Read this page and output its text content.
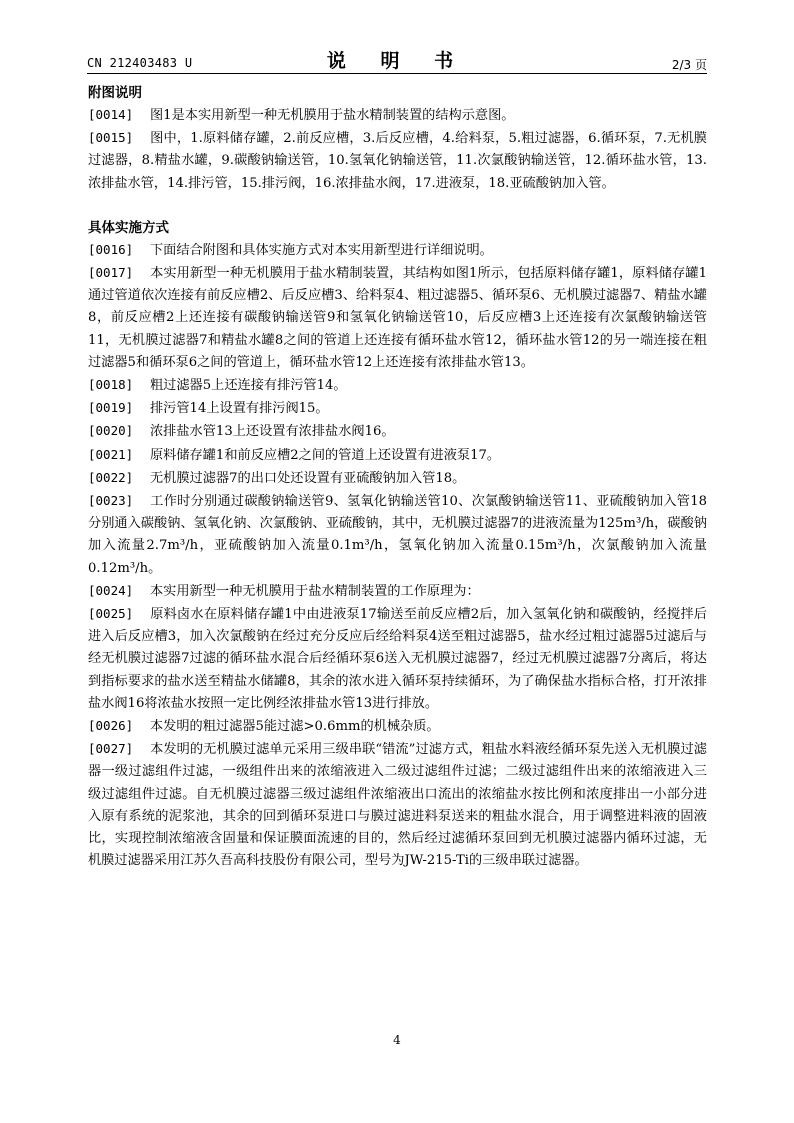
CN 212403483 U	说 明 书	2/3 页
附图说明

[0014] 图1是本实用新型一种无机膜用于盐水精制装置的结构示意图。

[0015] 图中，1.原料储存罐，2.前反应槽，3.后反应槽，4.给料泵，5.粗过滤器，6.循环泵，7.无机膜过滤器，8.精盐水罐，9.碳酸钠输送管，10.氢氧化钠输送管，11.次氯酸钠输送管，12.循环盐水管，13.浓排盐水管，14.排污管，15.排污阀，16.浓排盐水阀，17.进液泵，18.亚硫酸钠加入管。

具体实施方式

[0016] 下面结合附图和具体实施方式对本实用新型进行详细说明。

[0017] 本实用新型一种无机膜用于盐水精制装置，其结构如图1所示，包括原料储存罐1，原料储存罐1通过管道依次连接有前反应槽2、后反应槽3、给料泵4、粗过滤器5、循环泵6、无机膜过滤器7、精盐水罐8，前反应槽2上还连接有碳酸钠输送管9和氢氧化钠输送管10，后反应槽3上还连接有次氯酸钠输送管11，无机膜过滤器7和精盐水罐8之间的管道上还连接有循环盐水管12，循环盐水管12的另一端连接在粗过滤器5和循环泵6之间的管道上，循环盐水管12上还连接有浓排盐水管13。

[0018] 粗过滤器5上还连接有排污管14。

[0019] 排污管14上设置有排污阀15。

[0020] 浓排盐水管13上还设置有浓排盐水阀16。

[0021] 原料储存罐1和前反应槽2之间的管道上还设置有进液泵17。

[0022] 无机膜过滤器7的出口处还设置有亚硫酸钠加入管18。

[0023] 工作时分别通过碳酸钠输送管9、氢氧化钠输送管10、次氯酸钠输送管11、亚硫酸钠加入管18分别通入碳酸钠、氢氧化钠、次氯酸钠、亚硫酸钠，其中，无机膜过滤器7的进液流量为125m³/h，碳酸钠加入流量2.7m³/h，亚硫酸钠加入流量0.1m³/h，氢氧化钠加入流量0.15m³/h，次氯酸钠加入流量0.12m³/h。

[0024] 本实用新型一种无机膜用于盐水精制装置的工作原理为：

[0025] 原料卤水在原料储存罐1中由进液泵17输送至前反应槽2后，加入氢氧化钠和碳酸钠，经搅拌后进入后反应槽3，加入次氯酸钠在经过充分反应后经给料泵4送至粗过滤器5，盐水经过粗过滤器5过滤后与经无机膜过滤器7过滤的循环盐水混合后经循环泵6送入无机膜过滤器7，经过无机膜过滤器7分离后，将达到指标要求的盐水送至精盐水储罐8，其余的浓水进入循环泵持续循环，为了确保盐水指标合格，打开浓排盐水阀16将浓盐水按照一定比例经浓排盐水管13进行排放。

[0026] 本发明的粗过滤器5能过滤>0.6mm的机械杂质。

[0027] 本发明的无机膜过滤单元采用三级串联“错流”过滤方式，粗盐水料液经循环泵先送入无机膜过滤器一级过滤组件过滤，一级组件出来的浓缩液进入二级过滤组件过滤；二级过滤组件出来的浓缩液进入三级过滤组件过滤。自无机膜过滤器三级过滤组件浓缩液出口流出的浓缩盐水按比例和浓度排出一小部分进入原有系统的泥浆池，其余的回到循环泵进口与膜过滤进料泵送来的粗盐水混合，用于调整进料液的固液比，实现控制浓缩液含固量和保证膜面流速的目的，然后经过滤循环泵回到无机膜过滤器内循环过滤，无机膜过滤器采用江苏久吾高科技股份有限公司，型号为JW-215-Ti的三级串联过滤器。

4
